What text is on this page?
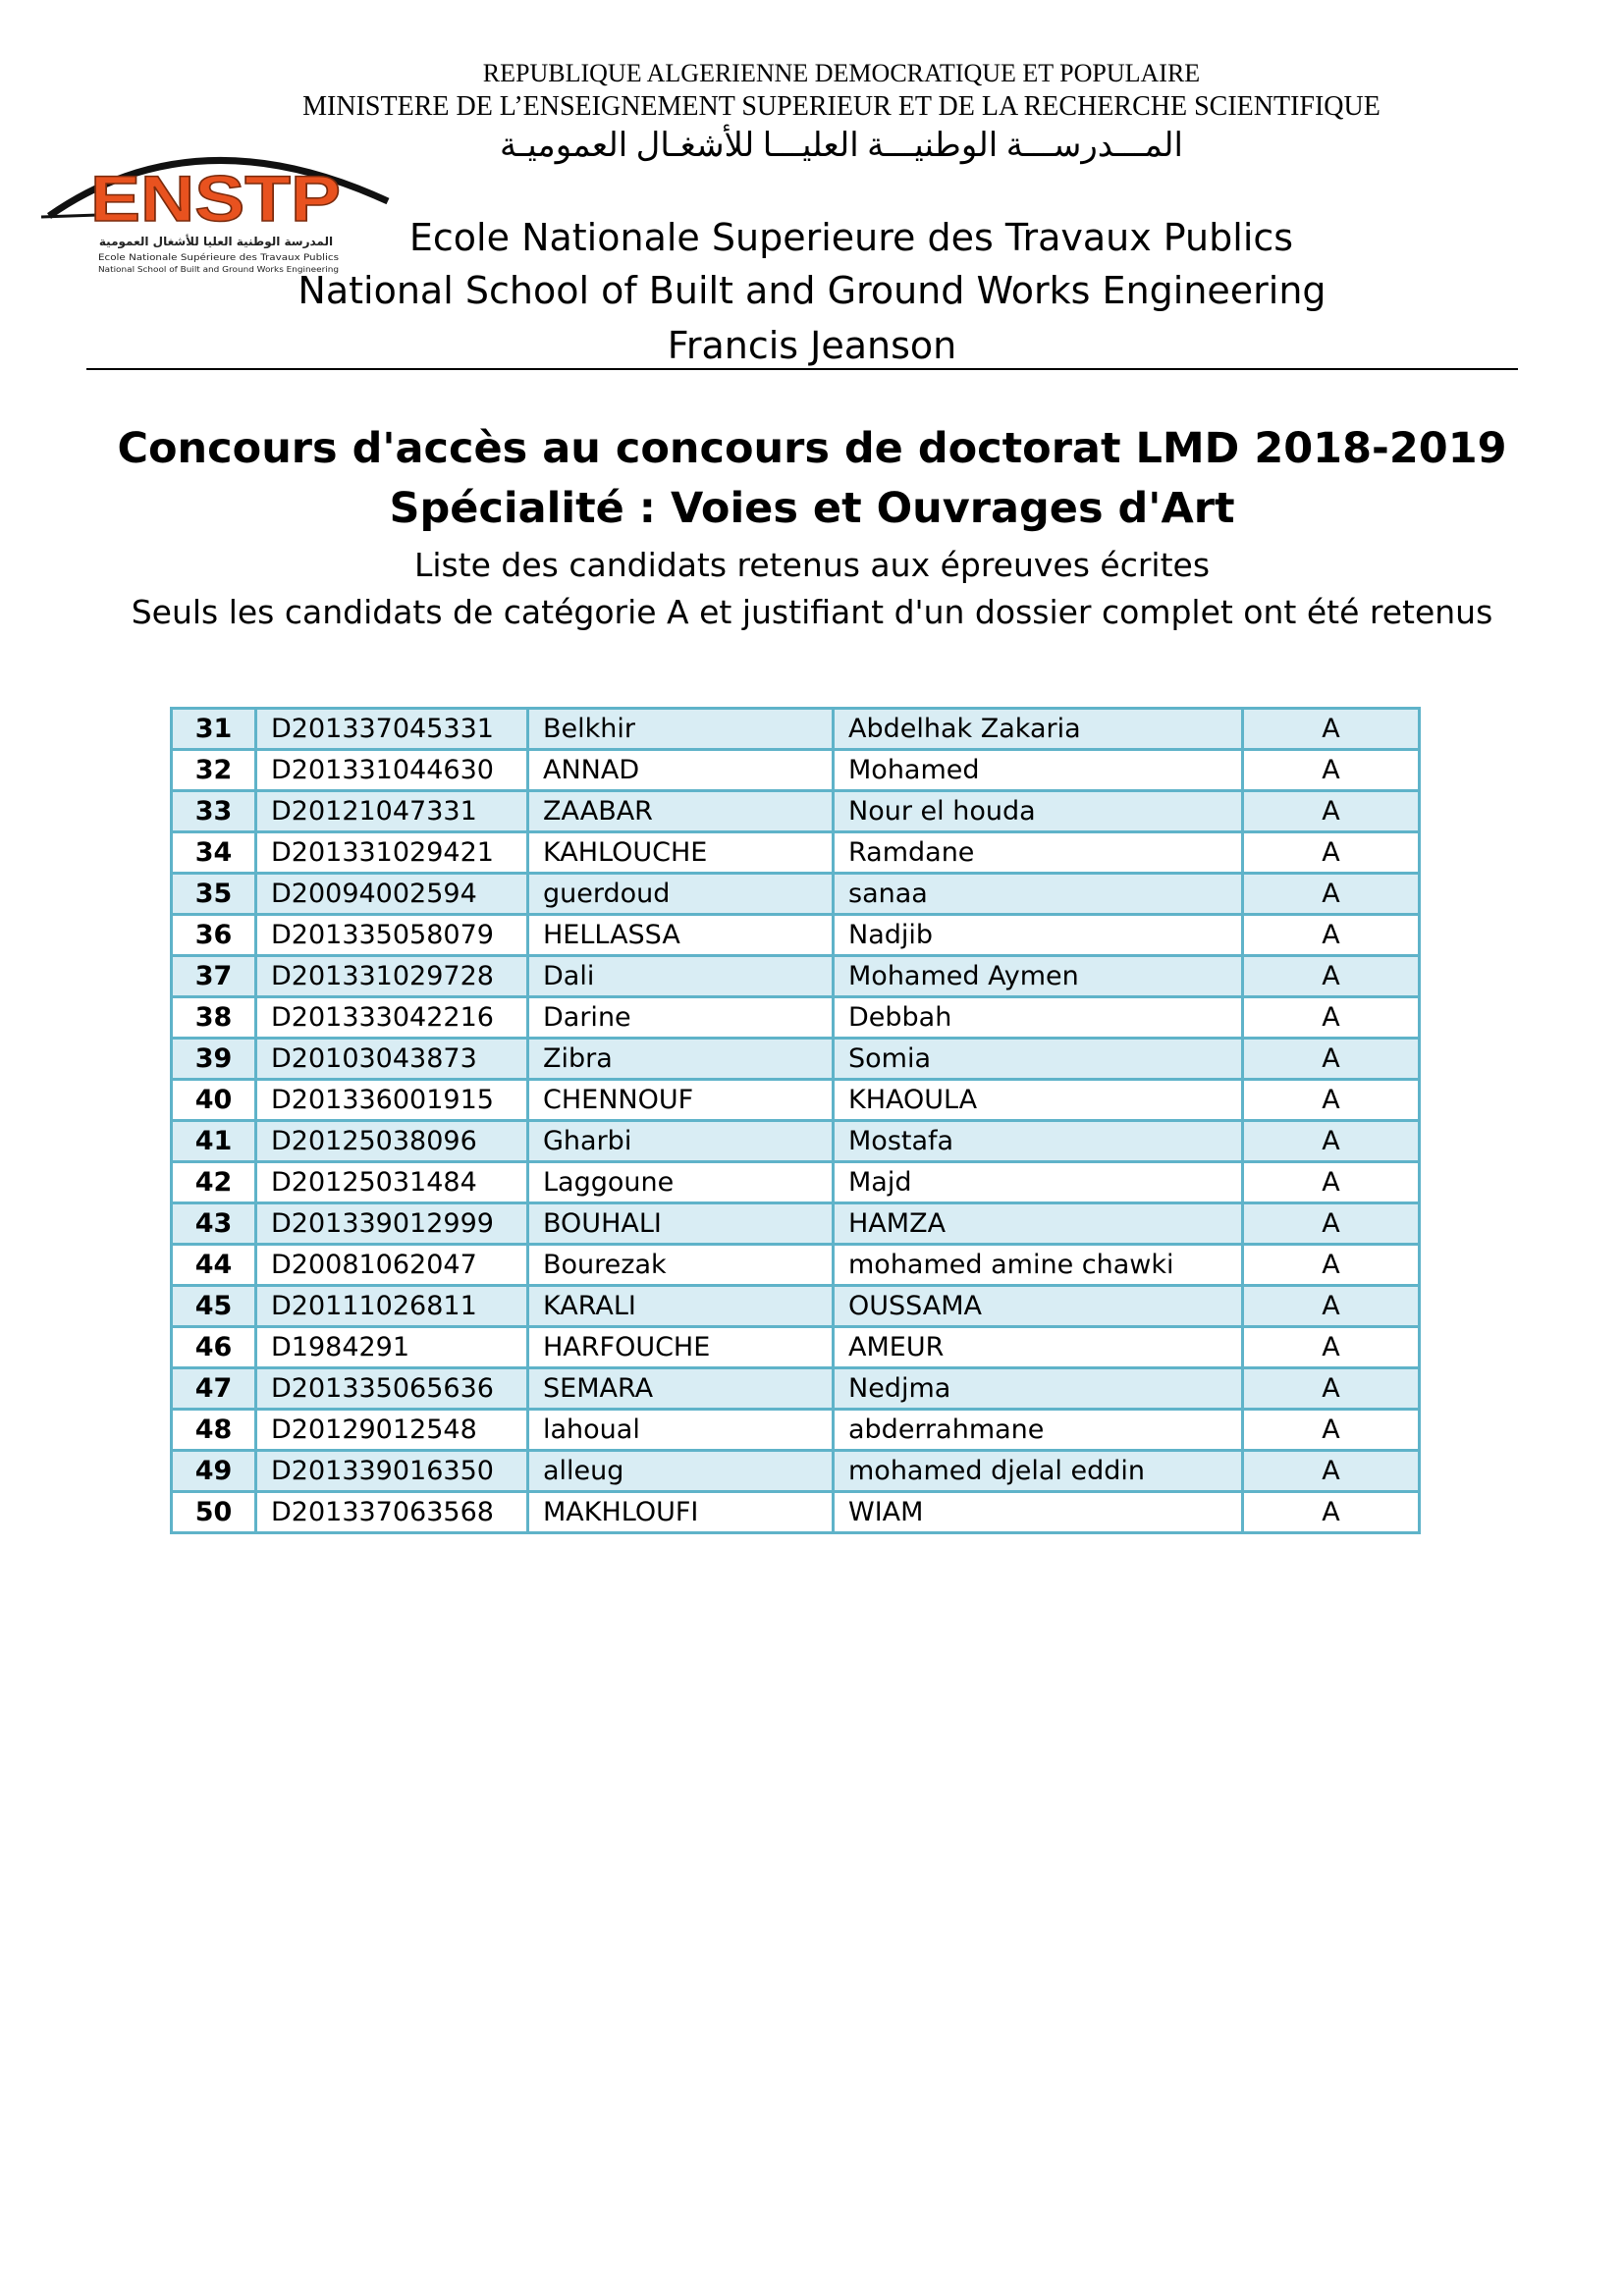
REPUBLIQUE ALGERIENNE DEMOCRATIQUE ET POPULAIRE
MINISTERE DE L’ENSEIGNEMENT SUPERIEUR ET DE LA RECHERCHE SCIENTIFIQUE
المـــدرســـة الوطنيـــة العليـــا للأشغـال العموميـة
ENSTP
المدرسة الوطنية العليا للأشغال العمومية
Ecole Nationale Supérieure des Travaux Publics
National School of Built and Ground Works Engineering
Ecole Nationale Superieure des Travaux Publics
National School of Built and Ground Works Engineering
Francis Jeanson
Concours d'accès au concours de doctorat LMD 2018-2019
Spécialité : Voies et Ouvrages d'Art
Liste des candidats retenus aux épreuves écrites
Seuls les candidats de catégorie A et justifiant d'un dossier complet ont été retenus
31	D201337045331	Belkhir	Abdelhak Zakaria	A
32	D201331044630	ANNAD	Mohamed	A
33	D20121047331	ZAABAR	Nour el houda	A
34	D201331029421	KAHLOUCHE	Ramdane	A
35	D20094002594	guerdoud	sanaa	A
36	D201335058079	HELLASSA	Nadjib	A
37	D201331029728	Dali	Mohamed Aymen	A
38	D201333042216	Darine	Debbah	A
39	D20103043873	Zibra	Somia	A
40	D201336001915	CHENNOUF	KHAOULA	A
41	D20125038096	Gharbi	Mostafa	A
42	D20125031484	Laggoune	Majd	A
43	D201339012999	BOUHALI	HAMZA	A
44	D20081062047	Bourezak	mohamed amine chawki	A
45	D20111026811	KARALI	OUSSAMA	A
46	D1984291	HARFOUCHE	AMEUR	A
47	D201335065636	SEMARA	Nedjma	A
48	D20129012548	lahoual	abderrahmane	A
49	D201339016350	alleug	mohamed djelal eddin	A
50	D201337063568	MAKHLOUFI	WIAM	A
